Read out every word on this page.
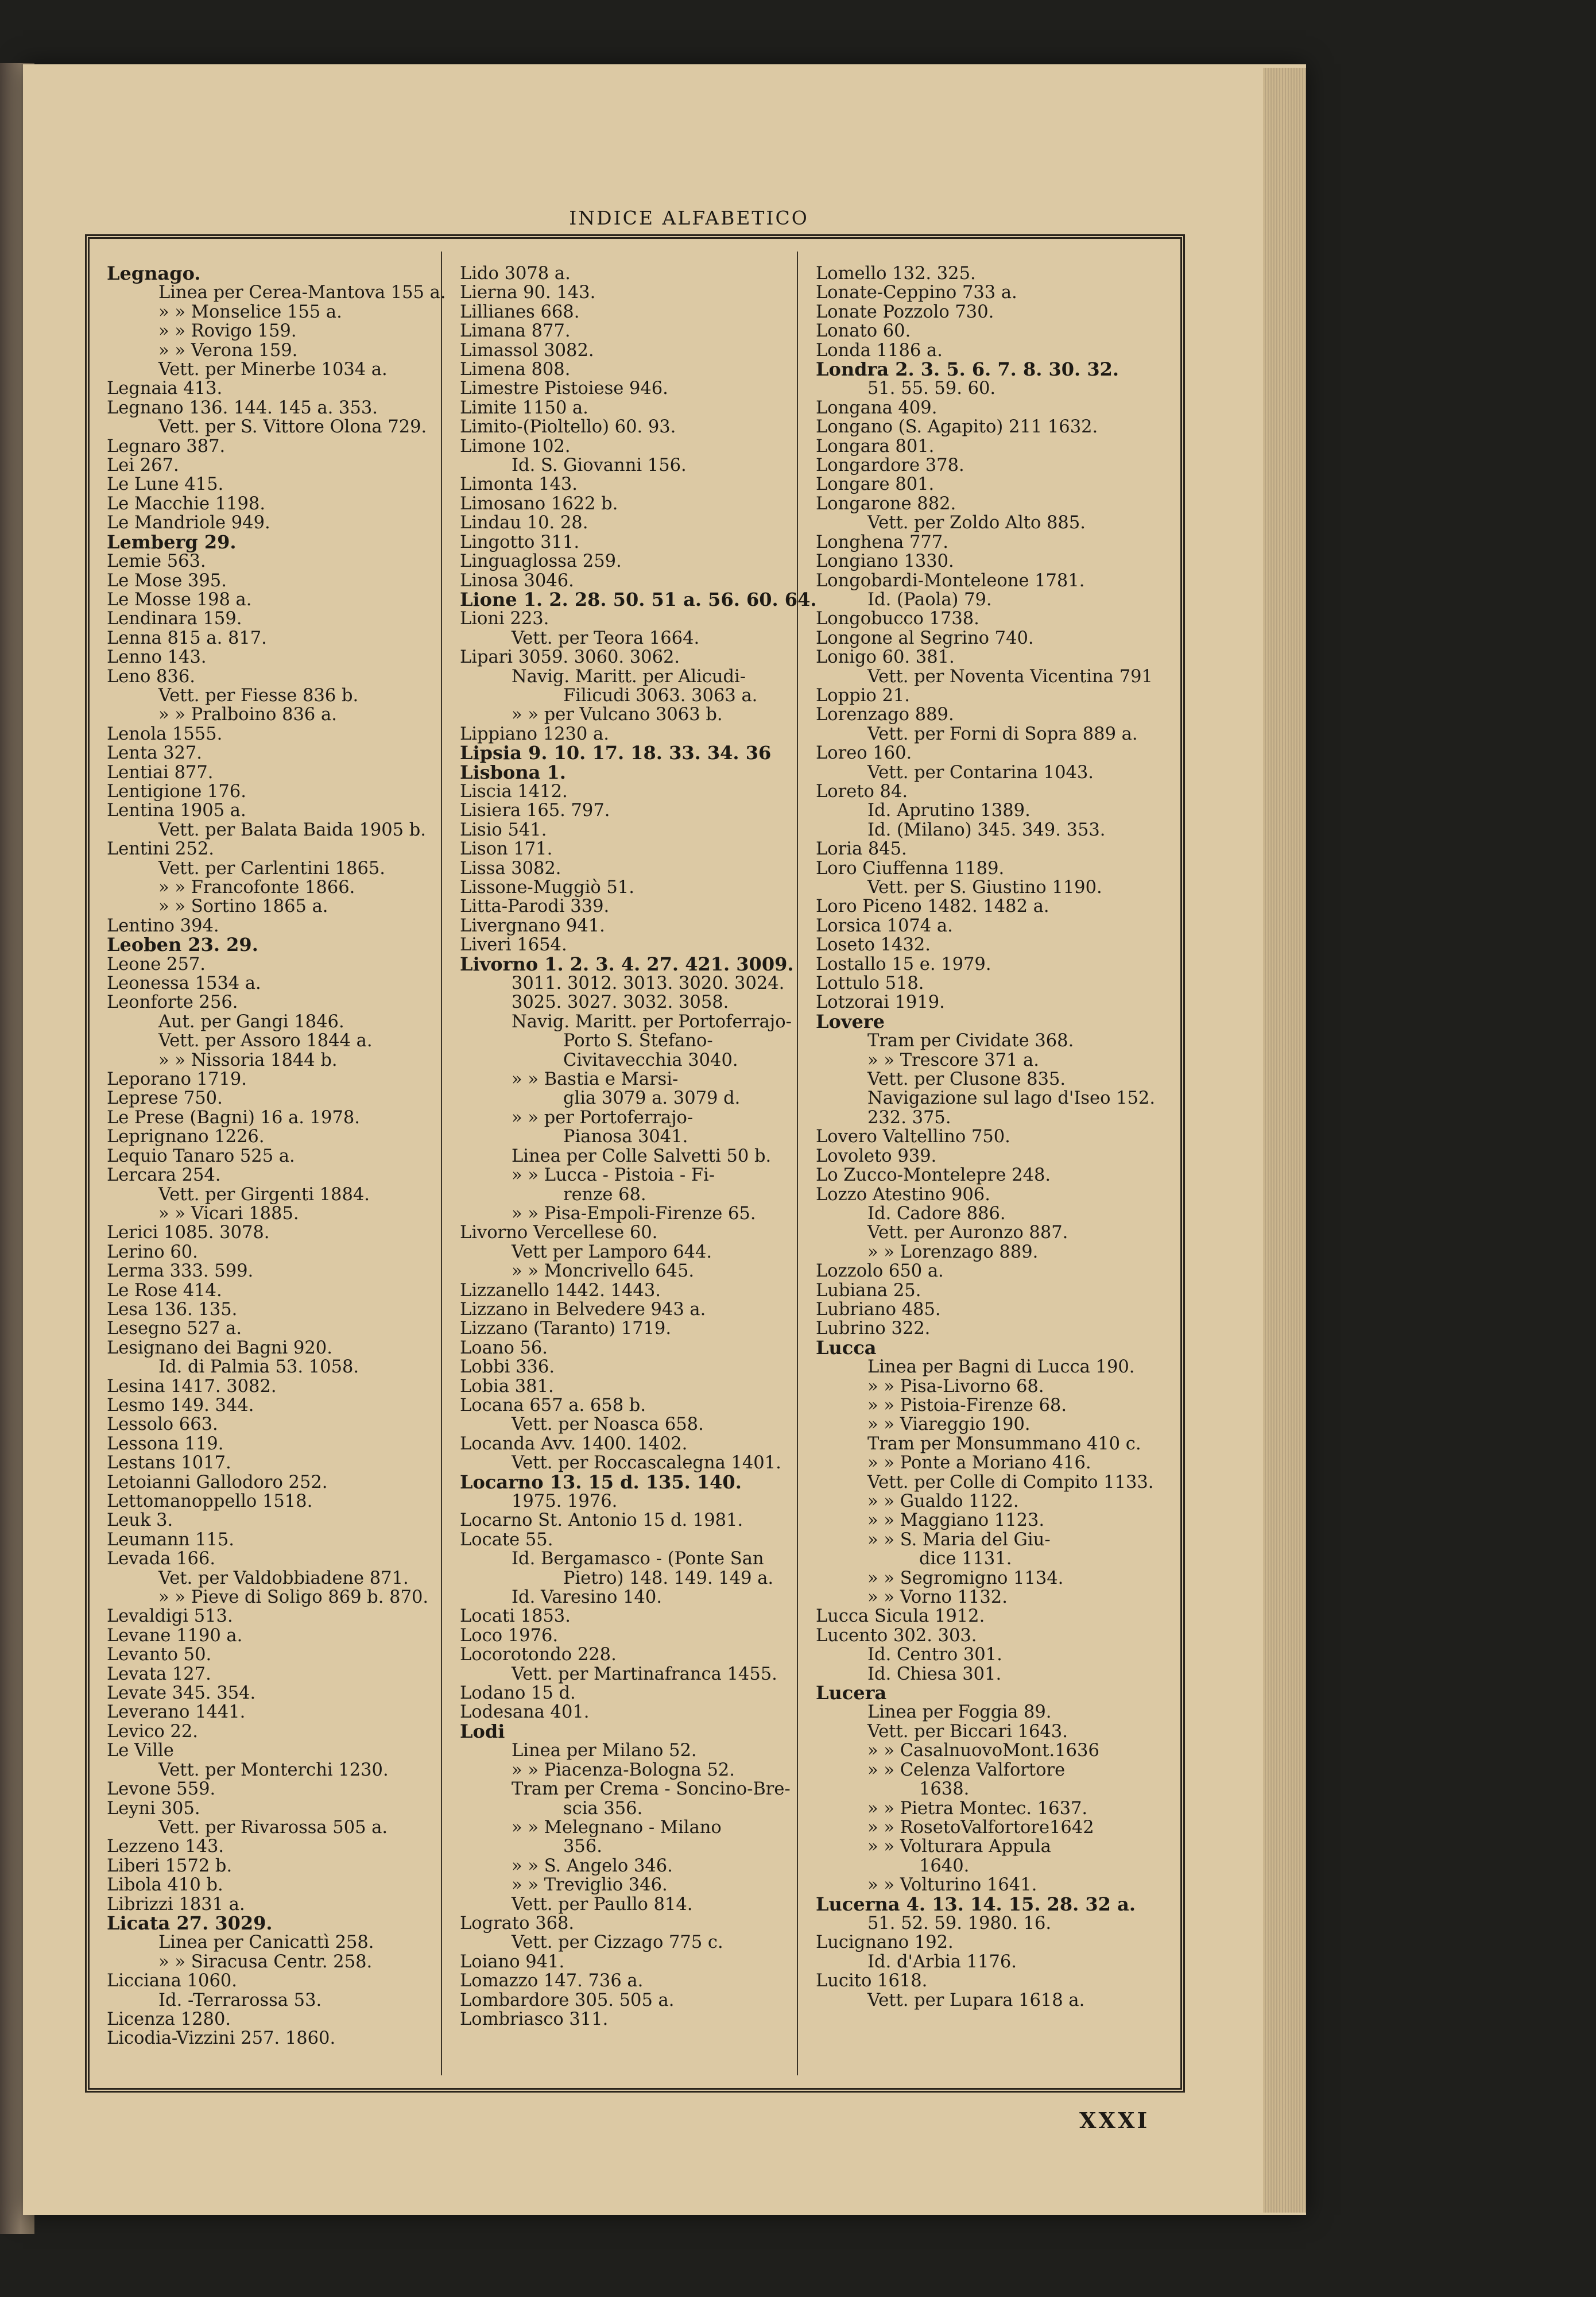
INDICE ALFABETICO
Legnago.
Linea per Cerea-Mantova 155 a.
» » Monselice 155 a.
» » Rovigo 159.
» » Verona 159.
Vett. per Minerbe 1034 a.
Legnaia 413.
Legnano 136. 144. 145 a. 353.
Vett. per S. Vittore Olona 729.
Legnaro 387.
Lei 267.
Le Lune 415.
Le Macchie 1198.
Le Mandriole 949.
Lemberg 29.
Lemie 563.
Le Mose 395.
Le Mosse 198 a.
Lendinara 159.
Lenna 815 a. 817.
Lenno 143.
Leno 836.
Vett. per Fiesse 836 b.
» » Pralboino 836 a.
Lenola 1555.
Lenta 327.
Lentiai 877.
Lentigione 176.
Lentina 1905 a.
Vett. per Balata Baida 1905 b.
Lentini 252.
Vett. per Carlentini 1865.
» » Francofonte 1866.
» » Sortino 1865 a.
Lentino 394.
Leoben 23. 29.
Leone 257.
Leonessa 1534 a.
Leonforte 256.
Aut. per Gangi 1846.
Vett. per Assoro 1844 a.
» » Nissoria 1844 b.
Leporano 1719.
Leprese 750.
Le Prese (Bagni) 16 a. 1978.
Leprignano 1226.
Lequio Tanaro 525 a.
Lercara 254.
Vett. per Girgenti 1884.
» » Vicari 1885.
Lerici 1085. 3078.
Lerino 60.
Lerma 333. 599.
Le Rose 414.
Lesa 136. 135.
Lesegno 527 a.
Lesignano dei Bagni 920.
Id. di Palmia 53. 1058.
Lesina 1417. 3082.
Lesmo 149. 344.
Lessolo 663.
Lessona 119.
Lestans 1017.
Letoianni Gallodoro 252.
Lettomanoppello 1518.
Leuk 3.
Leumann 115.
Levada 166.
Vet. per Valdobbiadene 871.
» » Pieve di Soligo 869 b. 870.
Levaldigi 513.
Levane 1190 a.
Levanto 50.
Levata 127.
Levate 345. 354.
Leverano 1441.
Levico 22.
Le Ville
Vett. per Monterchi 1230.
Levone 559.
Leyni 305.
Vett. per Rivarossa 505 a.
Lezzeno 143.
Liberi 1572 b.
Libola 410 b.
Librizzi 1831 a.
Licata 27. 3029.
Linea per Canicattì 258.
» » Siracusa Centr. 258.
Licciana 1060.
Id. -Terrarossa 53.
Licenza 1280.
Licodia-Vizzini 257. 1860.
Lido 3078 a.
Lierna 90. 143.
Lillianes 668.
Limana 877.
Limassol 3082.
Limena 808.
Limestre Pistoiese 946.
Limite 1150 a.
Limito-(Pioltello) 60. 93.
Limone 102.
Id. S. Giovanni 156.
Limonta 143.
Limosano 1622 b.
Lindau 10. 28.
Lingotto 311.
Linguaglossa 259.
Linosa 3046.
Lione 1. 2. 28. 50. 51 a. 56. 60. 64.
Lioni 223.
Vett. per Teora 1664.
Lipari 3059. 3060. 3062.
Navig. Maritt. per Alicudi-
Filicudi 3063. 3063 a.
» » per Vulcano 3063 b.
Lippiano 1230 a.
Lipsia 9. 10. 17. 18. 33. 34. 36
Lisbona 1.
Liscia 1412.
Lisiera 165. 797.
Lisio 541.
Lison 171.
Lissa 3082.
Lissone-Muggiò 51.
Litta-Parodi 339.
Livergnano 941.
Liveri 1654.
Livorno 1. 2. 3. 4. 27. 421. 3009.
3011. 3012. 3013. 3020. 3024.
3025. 3027. 3032. 3058.
Navig. Maritt. per Portoferrajo-
Porto S. Stefano-
Civitavecchia 3040.
» » Bastia e Marsi-
glia 3079 a. 3079 d.
» » per Portoferrajo-
Pianosa 3041.
Linea per Colle Salvetti 50 b.
» » Lucca - Pistoia - Fi-
renze 68.
» » Pisa-Empoli-Firenze 65.
Livorno Vercellese 60.
Vett per Lamporo 644.
» » Moncrivello 645.
Lizzanello 1442. 1443.
Lizzano in Belvedere 943 a.
Lizzano (Taranto) 1719.
Loano 56.
Lobbi 336.
Lobia 381.
Locana 657 a. 658 b.
Vett. per Noasca 658.
Locanda Avv. 1400. 1402.
Vett. per Roccascalegna 1401.
Locarno 13. 15 d. 135. 140.
1975. 1976.
Locarno St. Antonio 15 d. 1981.
Locate 55.
Id. Bergamasco - (Ponte San
Pietro) 148. 149. 149 a.
Id. Varesino 140.
Locati 1853.
Loco 1976.
Locorotondo 228.
Vett. per Martinafranca 1455.
Lodano 15 d.
Lodesana 401.
Lodi
Linea per Milano 52.
» » Piacenza-Bologna 52.
Tram per Crema - Soncino-Bre-
scia 356.
» » Melegnano - Milano
356.
» » S. Angelo 346.
» » Treviglio 346.
Vett. per Paullo 814.
Lograto 368.
Vett. per Cizzago 775 c.
Loiano 941.
Lomazzo 147. 736 a.
Lombardore 305. 505 a.
Lombriasco 311.
Lomello 132. 325.
Lonate-Ceppino 733 a.
Lonate Pozzolo 730.
Lonato 60.
Londa 1186 a.
Londra 2. 3. 5. 6. 7. 8. 30. 32.
51. 55. 59. 60.
Longana 409.
Longano (S. Agapito) 211 1632.
Longara 801.
Longardore 378.
Longare 801.
Longarone 882.
Vett. per Zoldo Alto 885.
Longhena 777.
Longiano 1330.
Longobardi-Monteleone 1781.
Id. (Paola) 79.
Longobucco 1738.
Longone al Segrino 740.
Lonigo 60. 381.
Vett. per Noventa Vicentina 791
Loppio 21.
Lorenzago 889.
Vett. per Forni di Sopra 889 a.
Loreo 160.
Vett. per Contarina 1043.
Loreto 84.
Id. Aprutino 1389.
Id. (Milano) 345. 349. 353.
Loria 845.
Loro Ciuffenna 1189.
Vett. per S. Giustino 1190.
Loro Piceno 1482. 1482 a.
Lorsica 1074 a.
Loseto 1432.
Lostallo 15 e. 1979.
Lottulo 518.
Lotzorai 1919.
Lovere
Tram per Cividate 368.
» » Trescore 371 a.
Vett. per Clusone 835.
Navigazione sul lago d'Iseo 152.
232. 375.
Lovero Valtellino 750.
Lovoleto 939.
Lo Zucco-Montelepre 248.
Lozzo Atestino 906.
Id. Cadore 886.
Vett. per Auronzo 887.
» » Lorenzago 889.
Lozzolo 650 a.
Lubiana 25.
Lubriano 485.
Lubrino 322.
Lucca
Linea per Bagni di Lucca 190.
» » Pisa-Livorno 68.
» » Pistoia-Firenze 68.
» » Viareggio 190.
Tram per Monsummano 410 c.
» » Ponte a Moriano 416.
Vett. per Colle di Compito 1133.
» » Gualdo 1122.
» » Maggiano 1123.
» » S. Maria del Giu-
dice 1131.
» » Segromigno 1134.
» » Vorno 1132.
Lucca Sicula 1912.
Lucento 302. 303.
Id. Centro 301.
Id. Chiesa 301.
Lucera
Linea per Foggia 89.
Vett. per Biccari 1643.
» » CasalnuovoMont.1636
» » Celenza Valfortore
1638.
» » Pietra Montec. 1637.
» » RosetoValfortore1642
» » Volturara Appula
1640.
» » Volturino 1641.
Lucerna 4. 13. 14. 15. 28. 32 a.
51. 52. 59. 1980. 16.
Lucignano 192.
Id. d'Arbia 1176.
Lucito 1618.
Vett. per Lupara 1618 a.
XXXI
